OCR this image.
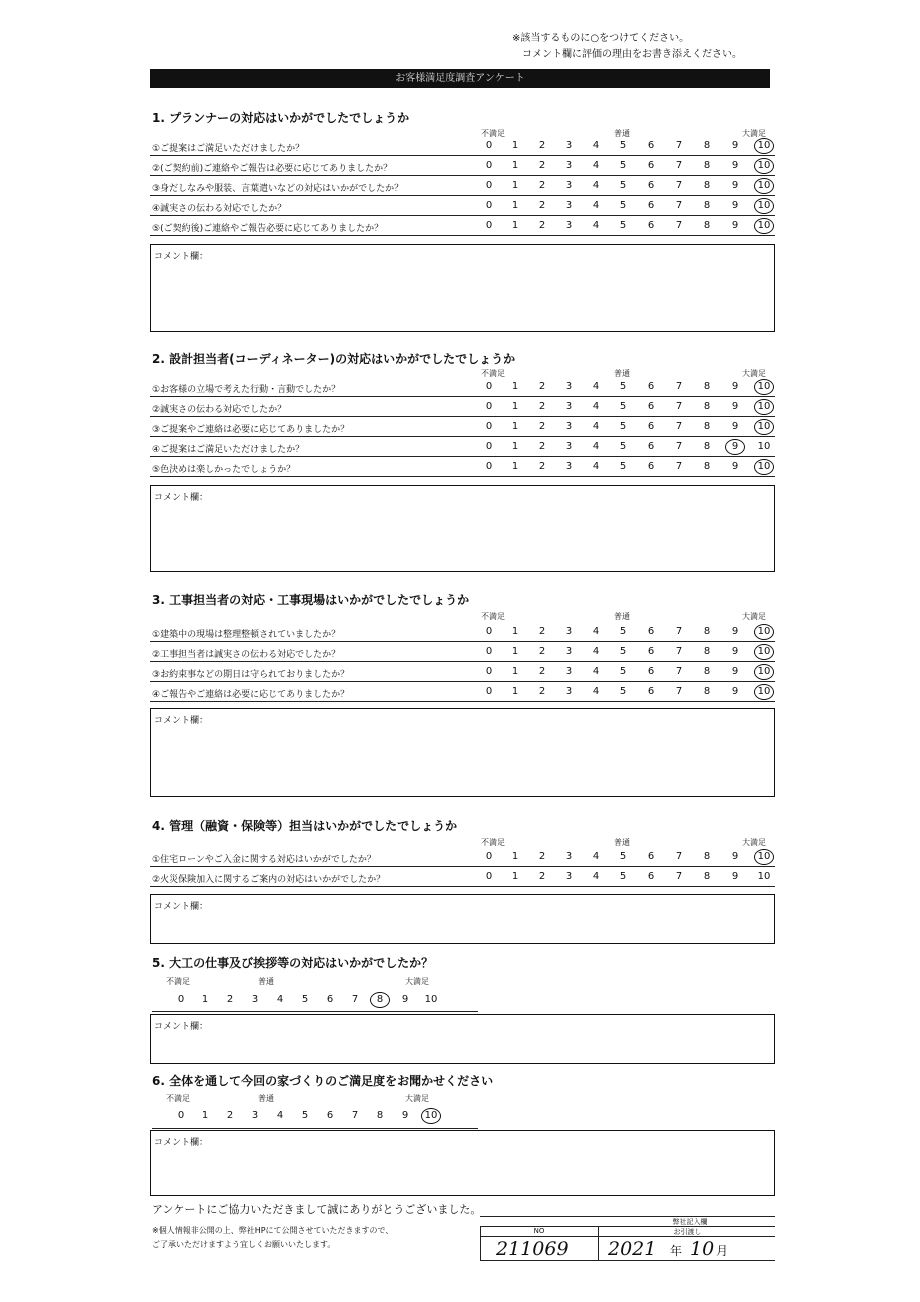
※該当するものに○をつけてください。
コメント欄に評価の理由をお書き添えください。
お客様満足度調査アンケート
1. プランナーの対応はいかがでしたでしょうか
不満足	普通	大満足
①ご提案はご満足いただけましたか？	0	1	2	3	4	5	6	7	8	9	10
②(ご契約前)ご連絡やご報告は必要に応じてありましたか？	0	1	2	3	4	5	6	7	8	9	10
③身だしなみや服装、言葉遣いなどの対応はいかがでしたか？	0	1	2	3	4	5	6	7	8	9	10
④誠実さの伝わる対応でしたか？	0	1	2	3	4	5	6	7	8	9	10
⑤(ご契約後)ご連絡やご報告必要に応じてありましたか？	0	1	2	3	4	5	6	7	8	9	10
コメント欄：
2. 設計担当者(コーディネーター)の対応はいかがでしたでしょうか
不満足	普通	大満足
①お客様の立場で考えた行動・言動でしたか？	0	1	2	3	4	5	6	7	8	9	10
②誠実さの伝わる対応でしたか？	0	1	2	3	4	5	6	7	8	9	10
③ご提案やご連絡は必要に応じてありましたか？	0	1	2	3	4	5	6	7	8	9	10
④ご提案はご満足いただけましたか？	0	1	2	3	4	5	6	7	8	9	10
⑤色決めは楽しかったでしょうか？	0	1	2	3	4	5	6	7	8	9	10
コメント欄：
3. 工事担当者の対応・工事現場はいかがでしたでしょうか
不満足	普通	大満足
①建築中の現場は整理整頓されていましたか？	0	1	2	3	4	5	6	7	8	9	10
②工事担当者は誠実さの伝わる対応でしたか？	0	1	2	3	4	5	6	7	8	9	10
③お約束事などの期日は守られておりましたか？	0	1	2	3	4	5	6	7	8	9	10
④ご報告やご連絡は必要に応じてありましたか？	0	1	2	3	4	5	6	7	8	9	10
コメント欄：
4. 管理（融資・保険等）担当はいかがでしたでしょうか
不満足	普通	大満足
①住宅ローンやご入金に関する対応はいかがでしたか？	0	1	2	3	4	5	6	7	8	9	10
②火災保険加入に関するご案内の対応はいかがでしたか？	0	1	2	3	4	5	6	7	8	9	10
コメント欄：
5. 大工の仕事及び挨拶等の対応はいかがでしたか？
不満足	普通	大満足
0	1	2	3	4	5	6	7	8	9	10
コメント欄：
6. 全体を通して今回の家づくりのご満足度をお聞かせください
不満足	普通	大満足
0	1	2	3	4	5	6	7	8	9	10
コメント欄：
アンケートにご協力いただきまして誠にありがとうございました。
※個人情報非公開の上、弊社HPにて公開させていただきますので、
ご了承いただけますよう宜しくお願いいたします。
弊社記入欄
NO	お引渡し
211069 2021 年 10 月
